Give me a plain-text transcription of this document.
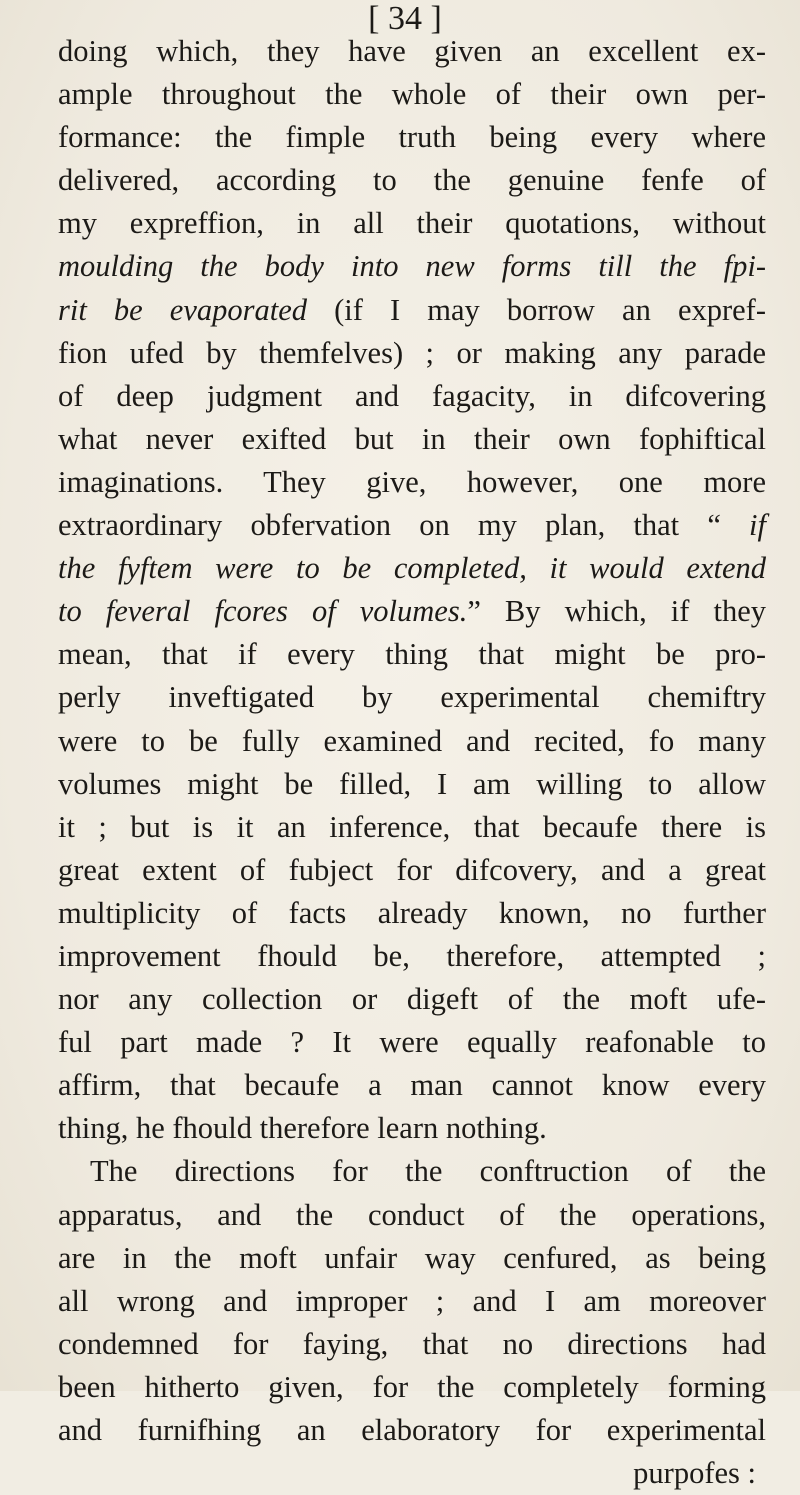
[ 34 ]
doing which, they have given an excellent ex-
ample throughout the whole of their own per-
formance: the fimple truth being every where
delivered, according to the genuine fenfe of
my expreffion, in all their quotations, without
moulding the body into new forms till the fpi-
rit be evaporated (if I may borrow an expref-
fion ufed by themfelves) ; or making any parade
of deep judgment and fagacity, in difcovering
what never exifted but in their own fophiftical
imaginations. They give, however, one more
extraordinary obfervation on my plan, that “ if
the fyftem were to be completed, it would extend
to feveral fcores of volumes.” By which, if they
mean, that if every thing that might be pro-
perly inveftigated by experimental chemiftry
were to be fully examined and recited, fo many
volumes might be filled, I am willing to allow
it ; but is it an inference, that becaufe there is
great extent of fubject for difcovery, and a great
multiplicity of facts already known, no further
improvement fhould be, therefore, attempted ;
nor any collection or digeft of the moft ufe-
ful part made ? It were equally reafonable to
affirm, that becaufe a man cannot know every
thing, he fhould therefore learn nothing.
The directions for the conftruction of the
apparatus, and the conduct of the operations,
are in the moft unfair way cenfured, as being
all wrong and improper ; and I am moreover
condemned for faying, that no directions had
been hitherto given, for the completely forming
and furnifhing an elaboratory for experimental
purpofes :
